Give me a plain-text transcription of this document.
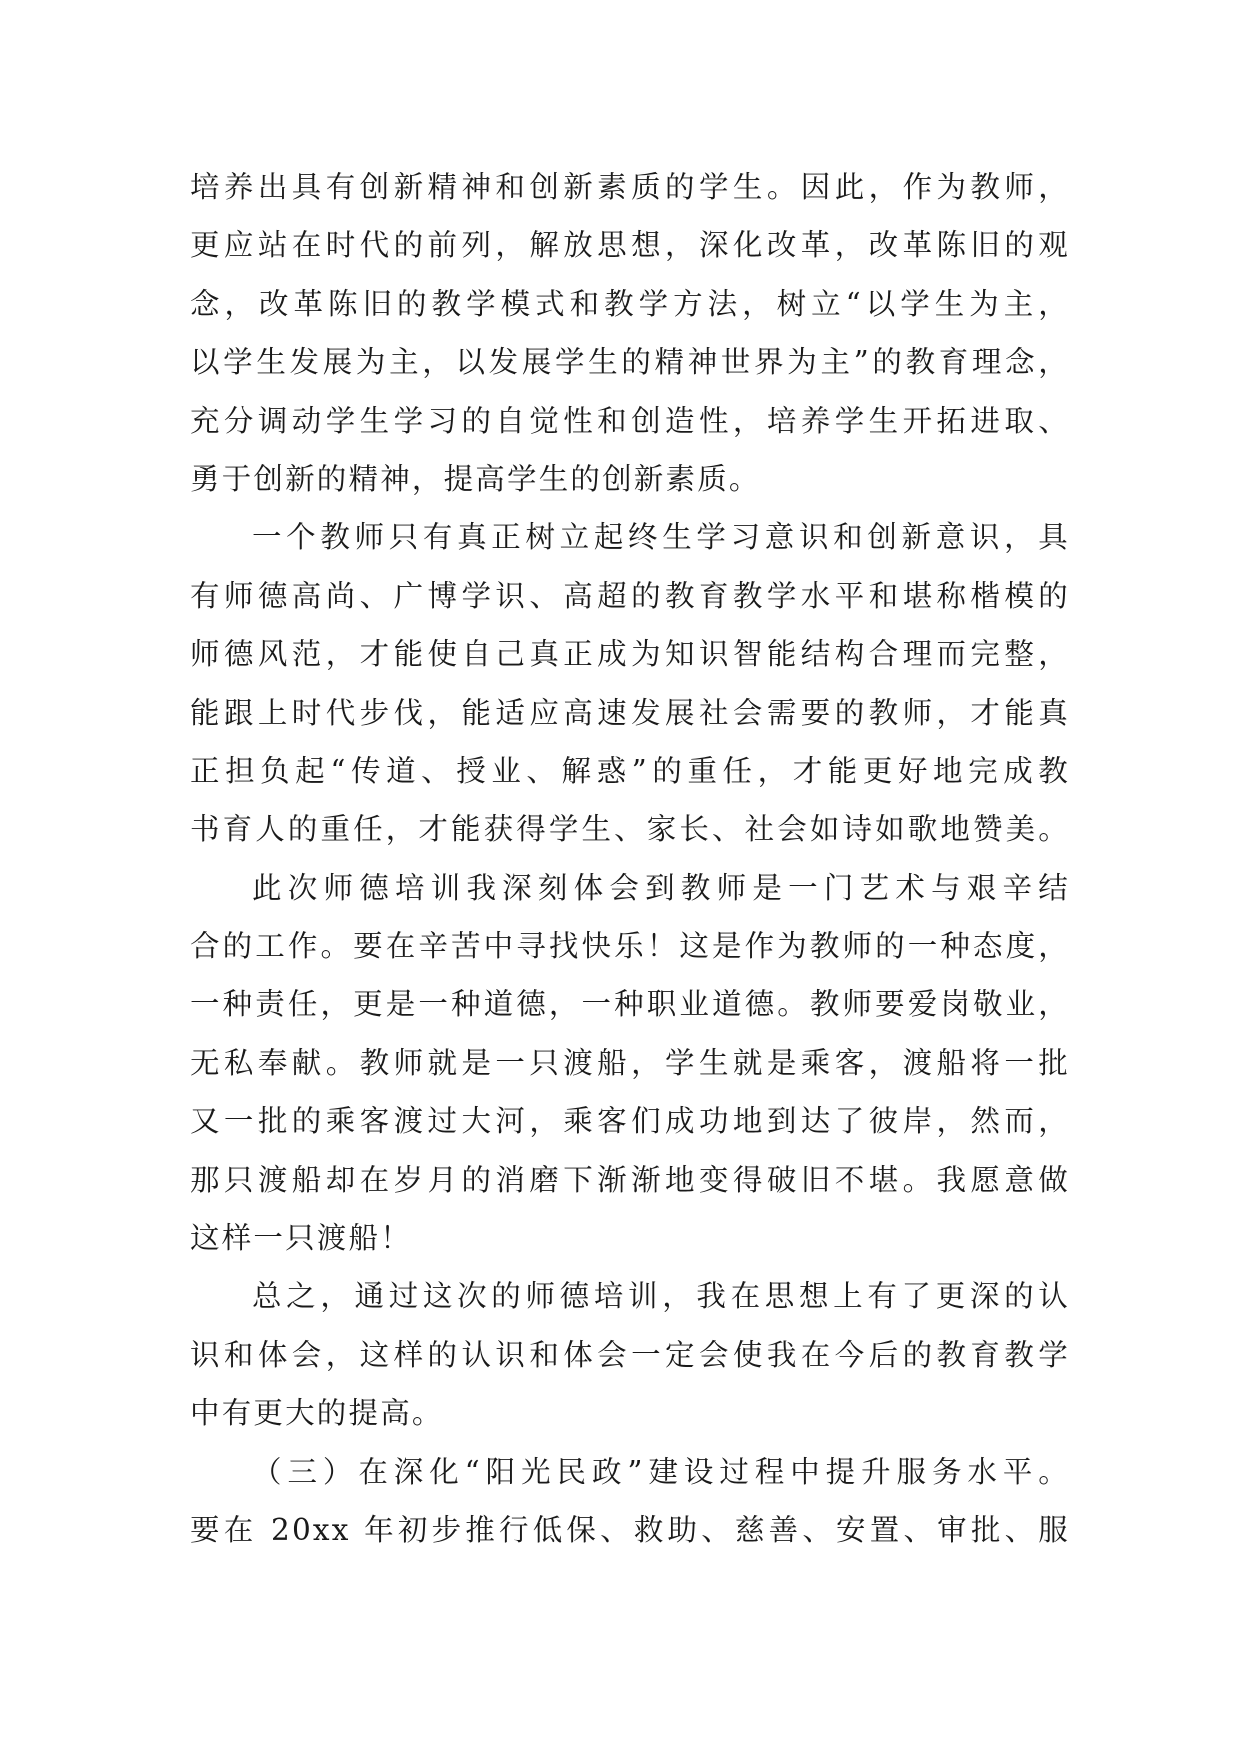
培养出具有创新精神和创新素质的学生。因此，作为教师，
更应站在时代的前列，解放思想，深化改革，改革陈旧的观
念，改革陈旧的教学模式和教学方法，树立“以学生为主，
以学生发展为主，以发展学生的精神世界为主”的教育理念，
充分调动学生学习的自觉性和创造性，培养学生开拓进取、
勇于创新的精神，提高学生的创新素质。
一个教师只有真正树立起终生学习意识和创新意识，具
有师德高尚、广博学识、高超的教育教学水平和堪称楷模的
师德风范，才能使自己真正成为知识智能结构合理而完整，
能跟上时代步伐，能适应高速发展社会需要的教师，才能真
正担负起“传道、授业、解惑”的重任，才能更好地完成教
书育人的重任，才能获得学生、家长、社会如诗如歌地赞美。
此次师德培训我深刻体会到教师是一门艺术与艰辛结
合的工作。要在辛苦中寻找快乐！这是作为教师的一种态度，
一种责任，更是一种道德，一种职业道德。教师要爱岗敬业，
无私奉献。教师就是一只渡船，学生就是乘客，渡船将一批
又一批的乘客渡过大河，乘客们成功地到达了彼岸，然而，
那只渡船却在岁月的消磨下渐渐地变得破旧不堪。我愿意做
这样一只渡船！
总之，通过这次的师德培训，我在思想上有了更深的认
识和体会，这样的认识和体会一定会使我在今后的教育教学
中有更大的提高。
（三）在深化“阳光民政”建设过程中提升服务水平。
要在 20xx 年初步推行低保、救助、慈善、安置、审批、服
